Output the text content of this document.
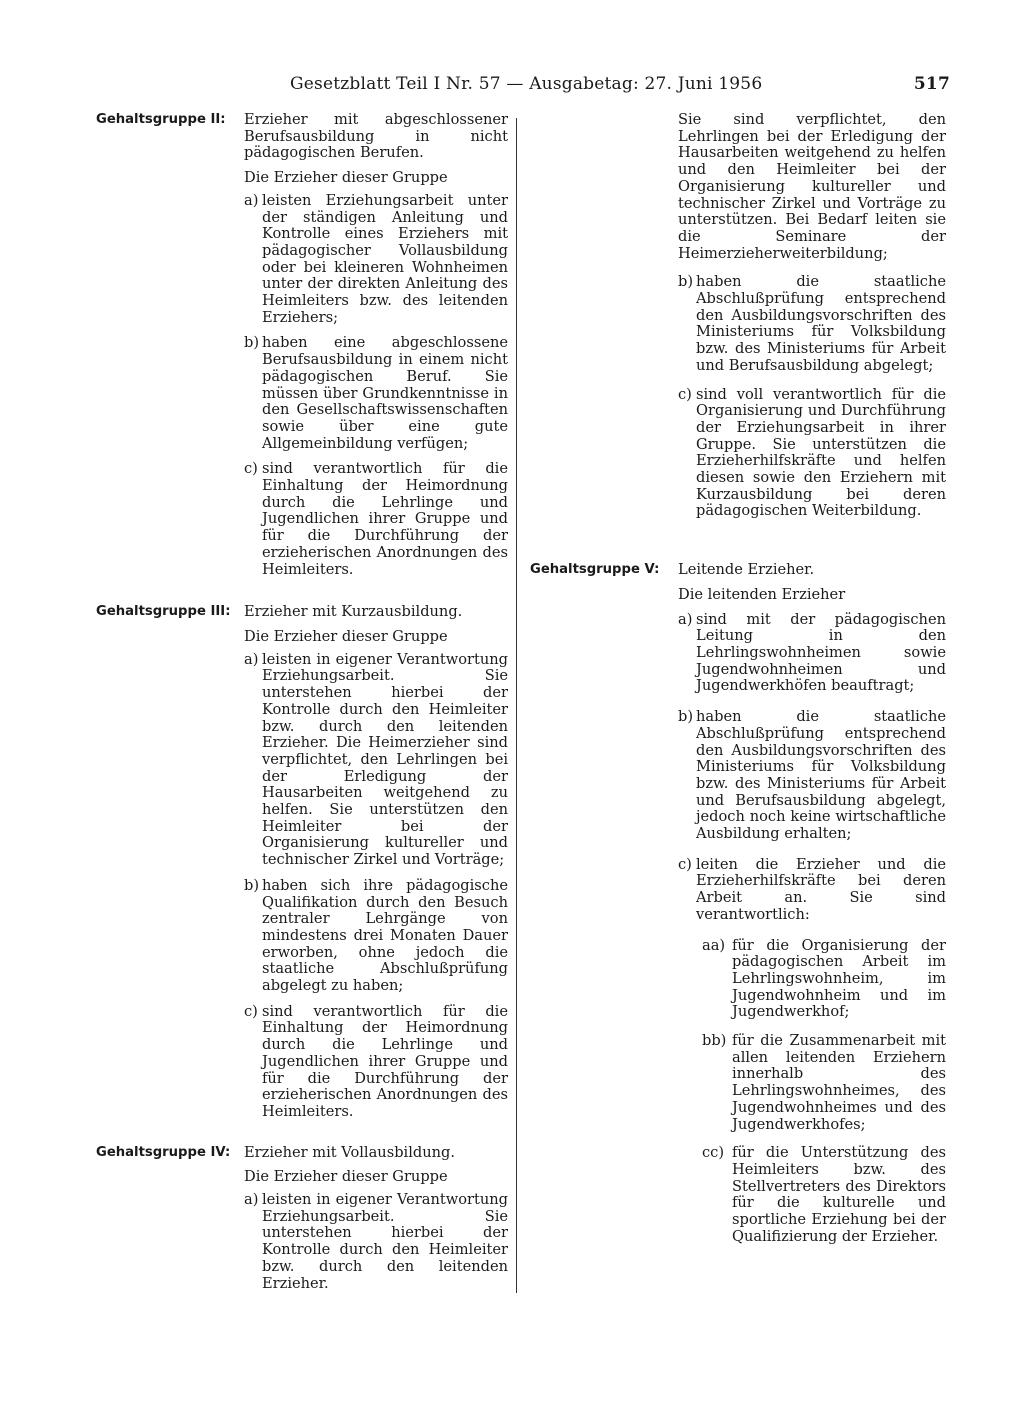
Gesetzblatt Teil I Nr. 57 — Ausgabetag: 27. Juni 1956	517
Gehaltsgruppe II: Erzieher mit abgeschlossener Berufsausbildung in nicht pädagogischen Berufen.

Die Erzieher dieser Gruppe

a) leisten Erziehungsarbeit unter der ständigen Anleitung und Kontrolle eines Erziehers mit pädagogischer Vollausbildung oder bei kleineren Wohnheimen unter der direkten Anleitung des Heimleiters bzw. des leitenden Erziehers;
b) haben eine abgeschlossene Berufsausbildung in einem nicht pädagogischen Beruf. Sie müssen über Grundkenntnisse in den Gesellschaftswissenschaften sowie über eine gute Allgemeinbildung verfügen;
c) sind verantwortlich für die Einhaltung der Heimordnung durch die Lehrlinge und Jugendlichen ihrer Gruppe und für die Durchführung der erzieherischen Anordnungen des Heimleiters.
Gehaltsgruppe III: Erzieher mit Kurzausbildung.

Die Erzieher dieser Gruppe

a) leisten in eigener Verantwortung Erziehungsarbeit. Sie unterstehen hierbei der Kontrolle durch den Heimleiter bzw. durch den leitenden Erzieher. Die Heimerzieher sind verpflichtet, den Lehrlingen bei der Erledigung der Hausarbeiten weitgehend zu helfen. Sie unterstützen den Heimleiter bei der Organisierung kultureller und technischer Zirkel und Vorträge;
b) haben sich ihre pädagogische Qualifikation durch den Besuch zentraler Lehrgänge von mindestens drei Monaten Dauer erworben, ohne jedoch die staatliche Abschlußprüfung abgelegt zu haben;
c) sind verantwortlich für die Einhaltung der Heimordnung durch die Lehrlinge und Jugendlichen ihrer Gruppe und für die Durchführung der erzieherischen Anordnungen des Heimleiters.
Gehaltsgruppe IV: Erzieher mit Vollausbildung.

Die Erzieher dieser Gruppe

a) leisten in eigener Verantwortung Erziehungsarbeit. Sie unterstehen hierbei der Kontrolle durch den Heimleiter bzw. durch den leitenden Erzieher.

Sie sind verpflichtet, den Lehrlingen bei der Erledigung der Hausarbeiten weitgehend zu helfen und den Heimleiter bei der Organisierung kultureller und technischer Zirkel und Vorträge zu unterstützen. Bei Bedarf leiten sie die Seminare der Heimerzieherweiterbildung;

b) haben die staatliche Abschlußprüfung entsprechend den Ausbildungsvorschriften des Ministeriums für Volksbildung bzw. des Ministeriums für Arbeit und Berufsausbildung abgelegt;
c) sind voll verantwortlich für die Organisierung und Durchführung der Erziehungsarbeit in ihrer Gruppe. Sie unterstützen die Erzieherhilfskräfte und helfen diesen sowie den Erziehern mit Kurzausbildung bei deren pädagogischen Weiterbildung.
Gehaltsgruppe V: Leitende Erzieher.

Die leitenden Erzieher

a) sind mit der pädagogischen Leitung in den Lehrlingswohnheimen sowie Jugendwohnheimen und Jugendwerkhöfen beauftragt;
b) haben die staatliche Abschlußprüfung entsprechend den Ausbildungsvorschriften des Ministeriums für Volksbildung bzw. des Ministeriums für Arbeit und Berufsausbildung abgelegt, jedoch noch keine wirtschaftliche Ausbildung erhalten;
c) leiten die Erzieher und die Erzieherhilfskräfte bei deren Arbeit an. Sie sind verantwortlich:
aa) für die Organisierung der pädagogischen Arbeit im Lehrlingswohnheim, im Jugendwohnheim und im Jugendwerkhof;
bb) für die Zusammenarbeit mit allen leitenden Erziehern innerhalb des Lehrlingswohnheimes, des Jugendwohnheimes und des Jugendwerkhofes;
cc) für die Unterstützung des Heimleiters bzw. des Stellvertreters des Direktors für die kulturelle und sportliche Erziehung bei der Qualifizierung der Erzieher.
